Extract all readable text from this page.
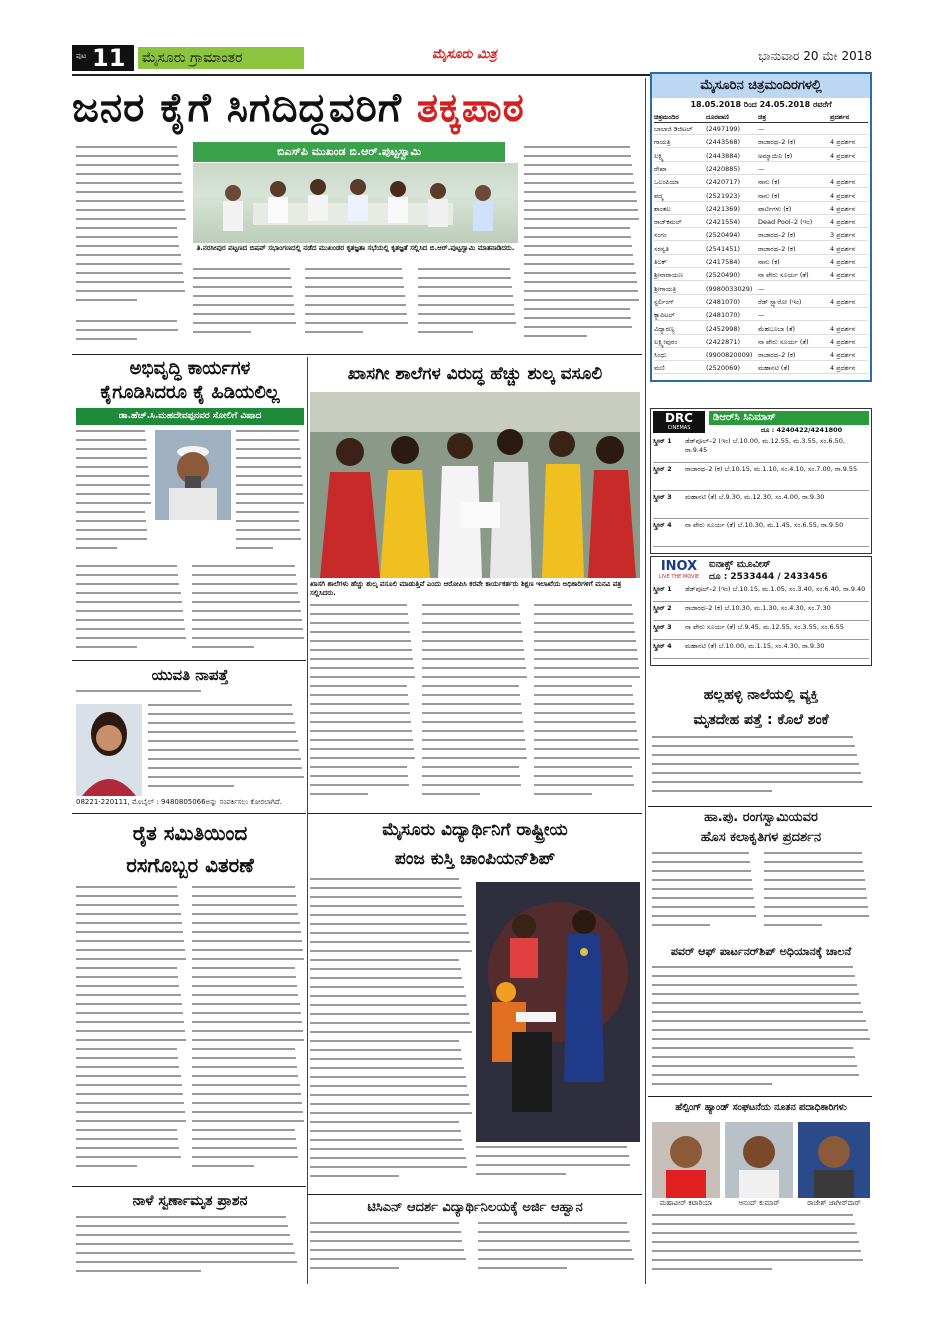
ಪುಟ 11 ಮೈಸೂರು ಗ್ರಾಮಾಂತರ	ಮೈಸೂರು ಮಿತ್ರ	ಭಾನುವಾರ 20 ಮೇ 2018
ಜನರ ಕೈಗೆ ಸಿಗದಿದ್ದವರಿಗೆ ತಕ್ಕಪಾಠ
ಬಿಎಸ್‌ಪಿ ಮುಖಂಡ ಬಿ.ಆರ್.ಪುಟ್ಟಸ್ವಾಮಿ
ತಿ.ನರಸೀಪುರ ಪಟ್ಟಣದ ಬಿಷಪ್ ಸಭಾಂಗಣದಲ್ಲಿ ನಡೆದ ಮುಖಂಡರ ಕೃತಜ್ಞತಾ ಸಭೆಯಲ್ಲಿ ಕೃತಜ್ಞತೆ ಸಲ್ಲಿಸಿದ ಬಿ.ಆರ್.ಪುಟ್ಟಸ್ವಾಮಿ ಮಾತನಾಡಿದರು.
ಅಭಿವೃದ್ಧಿ ಕಾರ್ಯಗಳ
ಕೈಗೂಡಿಸಿದರೂ ಕೈ ಹಿಡಿಯಲಿಲ್ಲ
ಡಾ.ಹೆಚ್.ಸಿ.ಮಹದೇವಪ್ಪನವರ ಸೋಲಿಗೆ ವಿಷಾದ
ಯುವತಿ ನಾಪತ್ತೆ
08221-220111, ಮೊಬೈಲ್ : 9480805066ಅನ್ನು ಸಂಪರ್ಕಿಸಲು ಕೋರಲಾಗಿದೆ.
ಖಾಸಗೀ ಶಾಲೆಗಳ ವಿರುದ್ಧ ಹೆಚ್ಚು ಶುಲ್ಕ ವಸೂಲಿ
ಖಾಸಗಿ ಶಾಲೆಗಳು ಹೆಚ್ಚು ಶುಲ್ಕ ವಸೂಲಿ ಮಾಡುತ್ತಿವೆ ಎಂದು ಆರೋಪಿಸಿ ಕರವೇ ಕಾರ್ಯಕರ್ತರು ಶಿಕ್ಷಣ ಇಲಾಖೆಯ ಅಧಿಕಾರಿಗಳಿಗೆ ಮನವಿ ಪತ್ರ ಸಲ್ಲಿಸಿದರು.
ರೈತ ಸಮಿತಿಯಿಂದ
ರಸಗೊಬ್ಬರ ವಿತರಣೆ
ನಾಳೆ ಸ್ವರ್ಣಾಮೃತ ಪ್ರಾಶನ
ಮೈಸೂರು ವಿದ್ಯಾರ್ಥಿನಿಗೆ ರಾಷ್ಟ್ರೀಯ
ಪಂಜ ಕುಸ್ತಿ ಚಾಂಪಿಯನ್‌ಶಿಪ್
ಟಿಸಿಎನ್ ಆದರ್ಶ ವಿದ್ಯಾರ್ಥಿನಿಲಯಕ್ಕೆ ಅರ್ಜಿ ಆಹ್ವಾನ
ಮೈಸೂರಿನ ಚಿತ್ರಮಂದಿರಗಳಲ್ಲಿ
18.05.2018 ರಿಂದ 24.05.2018 ರವರೆಗೆ
ಚಿತ್ರಮಂದಿರ	ದೂರವಾಣಿ	ಚಿತ್ರ	ಪ್ರದರ್ಶನ
ಬಾಲಾಜಿ ಡಿಜಿಟಲ್ (2497199)	—
ಗಾಯತ್ರಿ	(2443568)	ರಾಜಾರಥ–2 (ಕ)	4 ಪ್ರದರ್ಶನ
ಲಕ್ಷ್ಮಿ	(2443884)	ಅಮ್ಮಾಯಿನಿ (ಕ)	4 ಪ್ರದರ್ಶನ
ರೇಖಾ	(2420885)	—
ಒಲಂಪಿಯಾ	(2420717)	ನಾನು (ಕ)	4 ಪ್ರದರ್ಶನ
ಪದ್ಮ	(2521923)	ನಾನು (ಕ)	4 ಪ್ರದರ್ಶನ
ಶಾಂತಲ	(2421369)	ಪಾರ್ಟಿಗಳು (ಕ)	4 ಪ್ರದರ್ಶನ
ರಾಜ್‌ಕಮಲ್	(2421554)	Dead Pool–2 (ಇಂ)	4 ಪ್ರದರ್ಶನ
ಸಂಗಂ	(2520494)	ರಾಜಾರಥ–2 (ಕ)	3 ಪ್ರದರ್ಶನ
ಸರಸ್ವತಿ	(2541451)	ರಾಜಾರಥ–2 (ಕ)	4 ಪ್ರದರ್ಶನ
ತಿಲಕ್	(2417584)	ನಾನು (ಕ)	4 ಪ್ರದರ್ಶನ
ಶ್ರೀನಾರಾಯಣ	(2520490)	ನಾ ಪೇರು ಸೂರ್ಯ (ತೆ)	4 ಪ್ರದರ್ಶನ
ಶ್ರೀಗಾಯತ್ರಿ	(9980033029) —
ಸ್ಟರ್ಲಿಂಗ್	(2481070)	ರೆಡ್ ಸ್ಪ್ಯಾರೋ (ಇಂ)	4 ಪ್ರದರ್ಶನ
ಕ್ಯಾಪಿಟಲ್	(2481070)	—
ವಿದ್ಯಾರಣ್ಯ	(2452998)	ಮೆಹಬೂಬಾ (ತೆ)	4 ಪ್ರದರ್ಶನ
ಲಕ್ಷ್ಮೀಪುರಂ	(2422871)	ನಾ ಪೇರು ಸೂರ್ಯ (ತೆ)	4 ಪ್ರದರ್ಶನ
ಸಿಂಧು	(9900820009) ರಾಜಾರಥ–2 (ಕ)	4 ಪ್ರದರ್ಶನ
ಮಣಿ	(2520069)	ಮಹಾನಟಿ (ತೆ)	4 ಪ್ರದರ್ಶನ
DRC
CINEMAS
ಡಿಆರ್‌ಸಿ ಸಿನಿಮಾಸ್
ದೂ : 4240422/4241800
ಸ್ಕ್ರೀನ್ 1	ಡೆಡ್‌ಪೂಲ್–2 (ಇಂ) ಬೆ.10.00, ಮ.12.55, ಮ.3.55, ಸಂ.6.50, ರಾ.9.45
ಸ್ಕ್ರೀನ್ 2	ರಾಜಾರಥ–2 (ಕ) ಬೆ.10.15, ಮ.1.10, ಸಂ.4.10, ಸಂ.7.00, ರಾ.9.55
ಸ್ಕ್ರೀನ್ 3	ಮಹಾನಟಿ (ತೆ) ಬೆ.9.30, ಮ.12.30, ಸಂ.4.00, ರಾ.9.30
ಸ್ಕ್ರೀನ್ 4	ನಾ ಪೇರು ಸೂರ್ಯ (ತೆ) ಬೆ.10.30, ಮ.1.45, ಸಂ.6.55, ರಾ.9.50
INOX
LIVE THE MOVIE
ಐನಾಕ್ಸ್ ಮೂವೀಸ್
ದೂ : 2533444 / 2433456
ಸ್ಕ್ರೀನ್ 1	ಡೆಡ್‌ಪೂಲ್–2 (ಇಂ) ಬೆ.10.15, ಮ.1.05, ಸಂ.3.40, ಸಂ.6.40, ರಾ.9.40
ಸ್ಕ್ರೀನ್ 2	ರಾಜಾರಥ–2 (ಕ) ಬೆ.10.30, ಮ.1.30, ಸಂ.4.30, ಸಂ.7.30
ಸ್ಕ್ರೀನ್ 3	ನಾ ಪೇರು ಸೂರ್ಯ (ತೆ) ಬೆ.9.45, ಮ.12.55, ಸಂ.3.55, ಸಂ.6.55
ಸ್ಕ್ರೀನ್ 4	ಮಹಾನಟಿ (ತೆ) ಬೆ.10.00, ಮ.1.15, ಸಂ.4.30, ರಾ.9.30
ಹಲ್ಲಹಳ್ಳಿ ನಾಲೆಯಲ್ಲಿ ವ್ಯಕ್ತಿ
ಮೃತದೇಹ ಪತ್ತೆ : ಕೊಲೆ ಶಂಕೆ
ಹಾ.ಪು. ರಂಗಸ್ವಾಮಿಯವರ
ಹೊಸ ಕಲಾಕೃತಿಗಳ ಪ್ರದರ್ಶನ
ಪವರ್ ಆಫ್ ಪಾರ್ಟನರ್‌ಶಿಪ್ ಅಧಿಯಾನಕ್ಕೆ ಚಾಲನೆ
ಹೆಲ್ಪಿಂಗ್ ಹ್ಯಾಂಡ್ ಸಂಘಟನೆಯ ನೂತನ ಪದಾಧಿಕಾರಿಗಳು
ಮಹಾವೀರ್ ಕಟಾರಿಯಾ	ಆನಂದ್ ಕುಮಾರ್	ರಾಜೇಶ್ ಜಾಗೀರ್‌ದಾರ್
